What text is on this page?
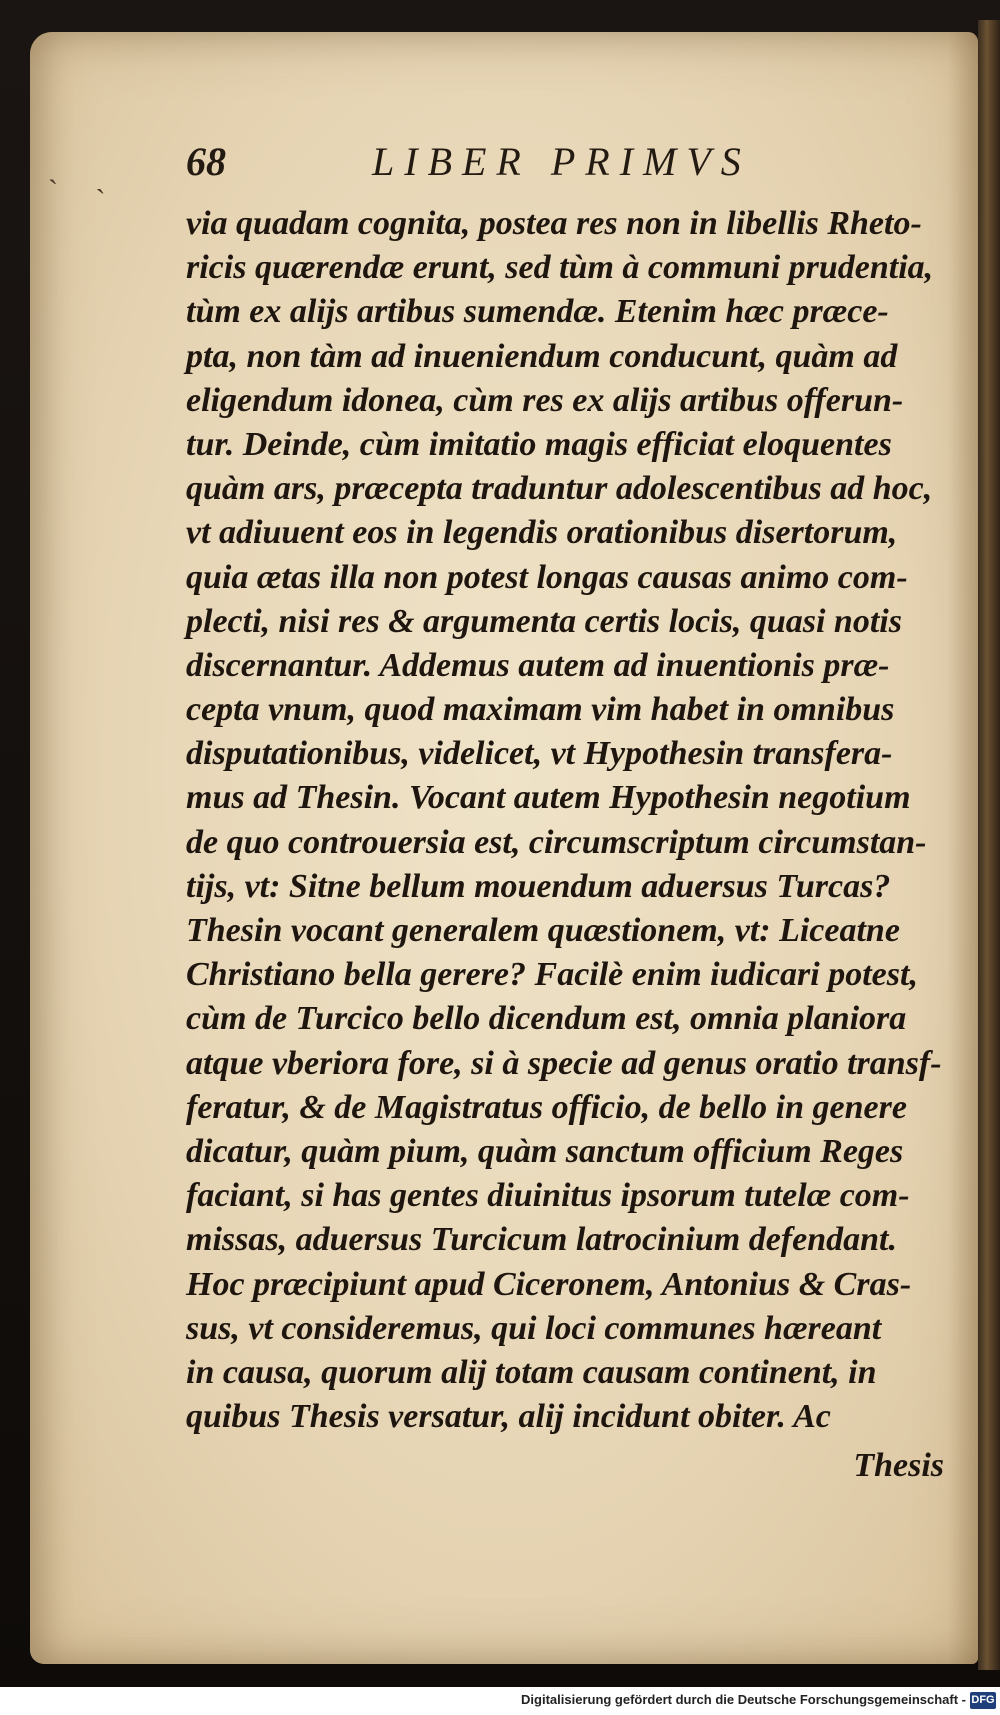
˴ ˎ 68	LIBER PRIMVS
via quadam cognita, postea res non in libellis Rheto-
ricis quærendæ erunt, sed tùm à communi prudentia,
tùm ex alijs artibus sumendæ. Etenim hæc præce-
pta, non tàm ad inueniendum conducunt, quàm ad
eligendum idonea, cùm res ex alijs artibus offerun-
tur. Deinde, cùm imitatio magis efficiat eloquentes
quàm ars, præcepta traduntur adolescentibus ad hoc,
vt adiuuent eos in legendis orationibus disertorum,
quia ætas illa non potest longas causas animo com-
plecti, nisi res & argumenta certis locis, quasi notis
discernantur. Addemus autem ad inuentionis præ-
cepta vnum, quod maximam vim habet in omnibus
disputationibus, videlicet, vt Hypothesin transfera-
mus ad Thesin. Vocant autem Hypothesin negotium
de quo controuersia est, circumscriptum circumstan-
tijs, vt: Sitne bellum mouendum aduersus Turcas?
Thesin vocant generalem quæstionem, vt: Liceatne
Christiano bella gerere? Facilè enim iudicari potest,
cùm de Turcico bello dicendum est, omnia planiora
atque vberiora fore, si à specie ad genus oratio transf-
feratur, & de Magistratus officio, de bello in genere
dicatur, quàm pium, quàm sanctum officium Reges
faciant, si has gentes diuinitus ipsorum tutelæ com-
missas, aduersus Turcicum latrocinium defendant.
Hoc præcipiunt apud Ciceronem, Antonius & Cras-
sus, vt consideremus, qui loci communes hæreant
in causa, quorum alij totam causam continent, in
quibus Thesis versatur, alij incidunt obiter. Ac
Thesis
Digitalisierung gefördert durch die Deutsche Forschungsgemeinschaft - DFG
